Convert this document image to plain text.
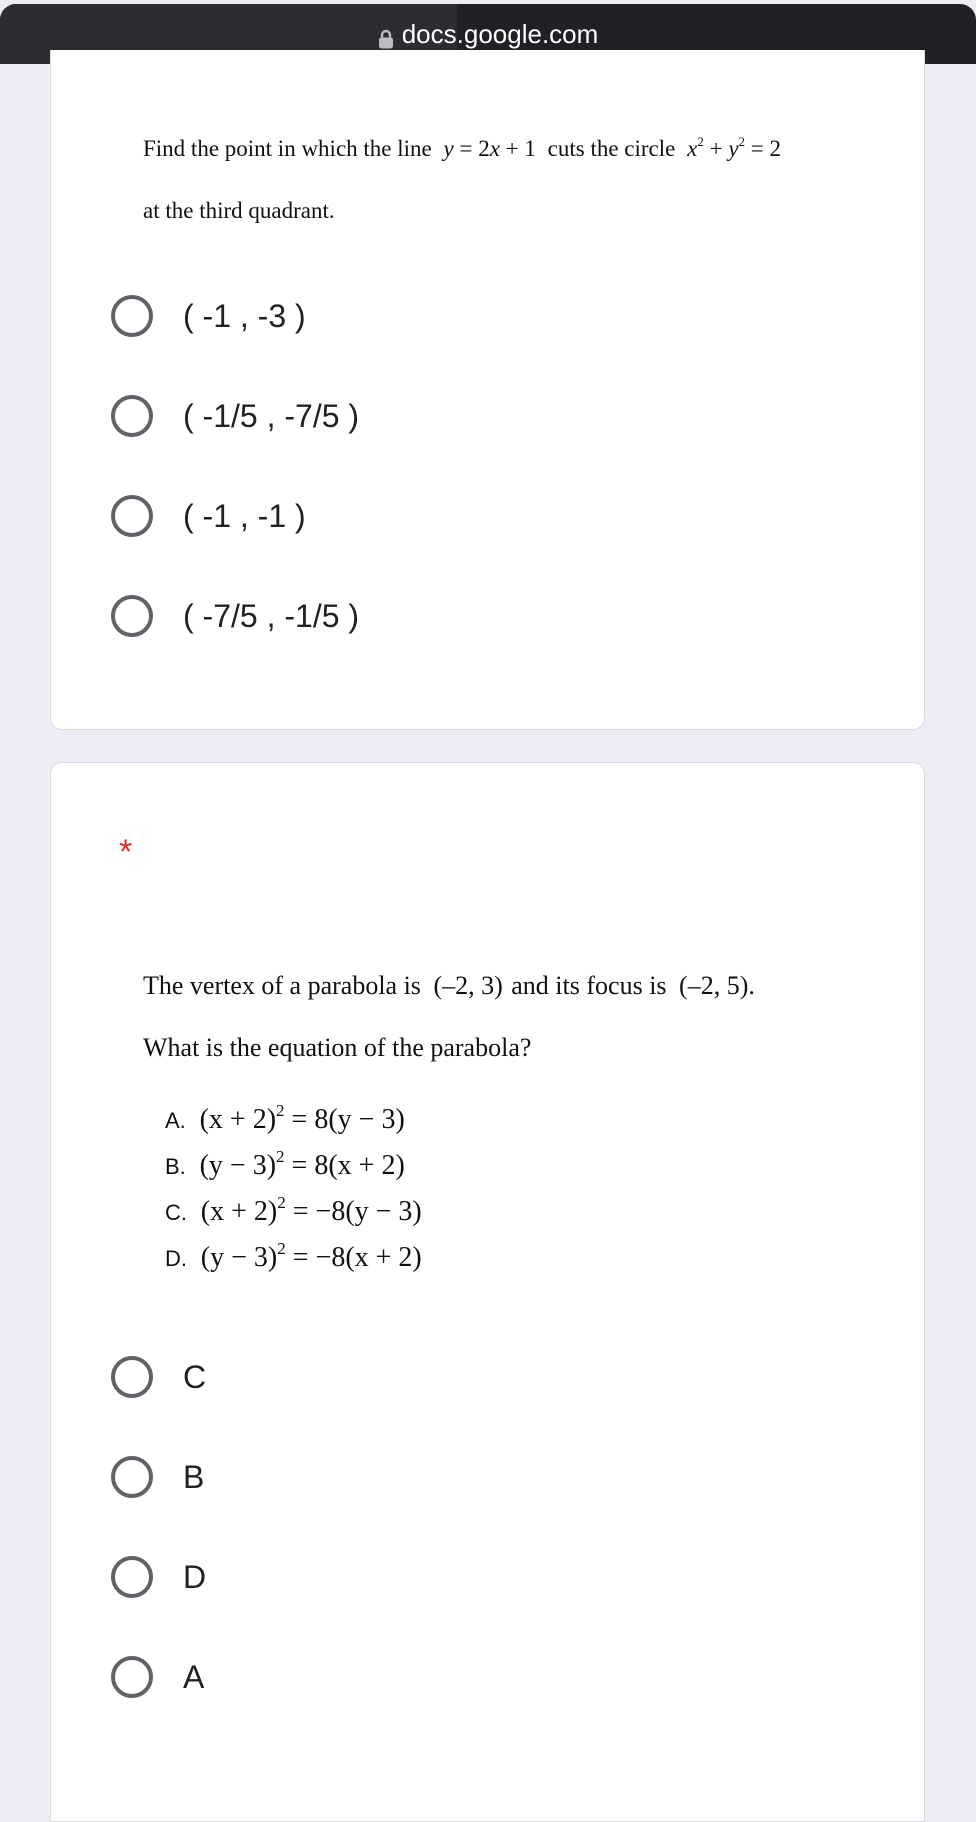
docs.google.com
Find the point in which the line y = 2x + 1 cuts the circle $x^2 + y^2 = 2$
at the third quadrant.
( -1 , -3 )
( -1/5 , -7/5 )
( -1 , -1 )
( -7/5 , -1/5 )
*
The vertex of a parabola is (–2, 3) and its focus is (–2, 5).
What is the equation of the parabola?
A. $(x + 2)^2 = 8(y - 3)$
B. $(y - 3)^2 = 8(x + 2)$
C. $(x + 2)^2 = -8(y - 3)$
D. $(y - 3)^2 = -8(x + 2)$
C
B
D
A
